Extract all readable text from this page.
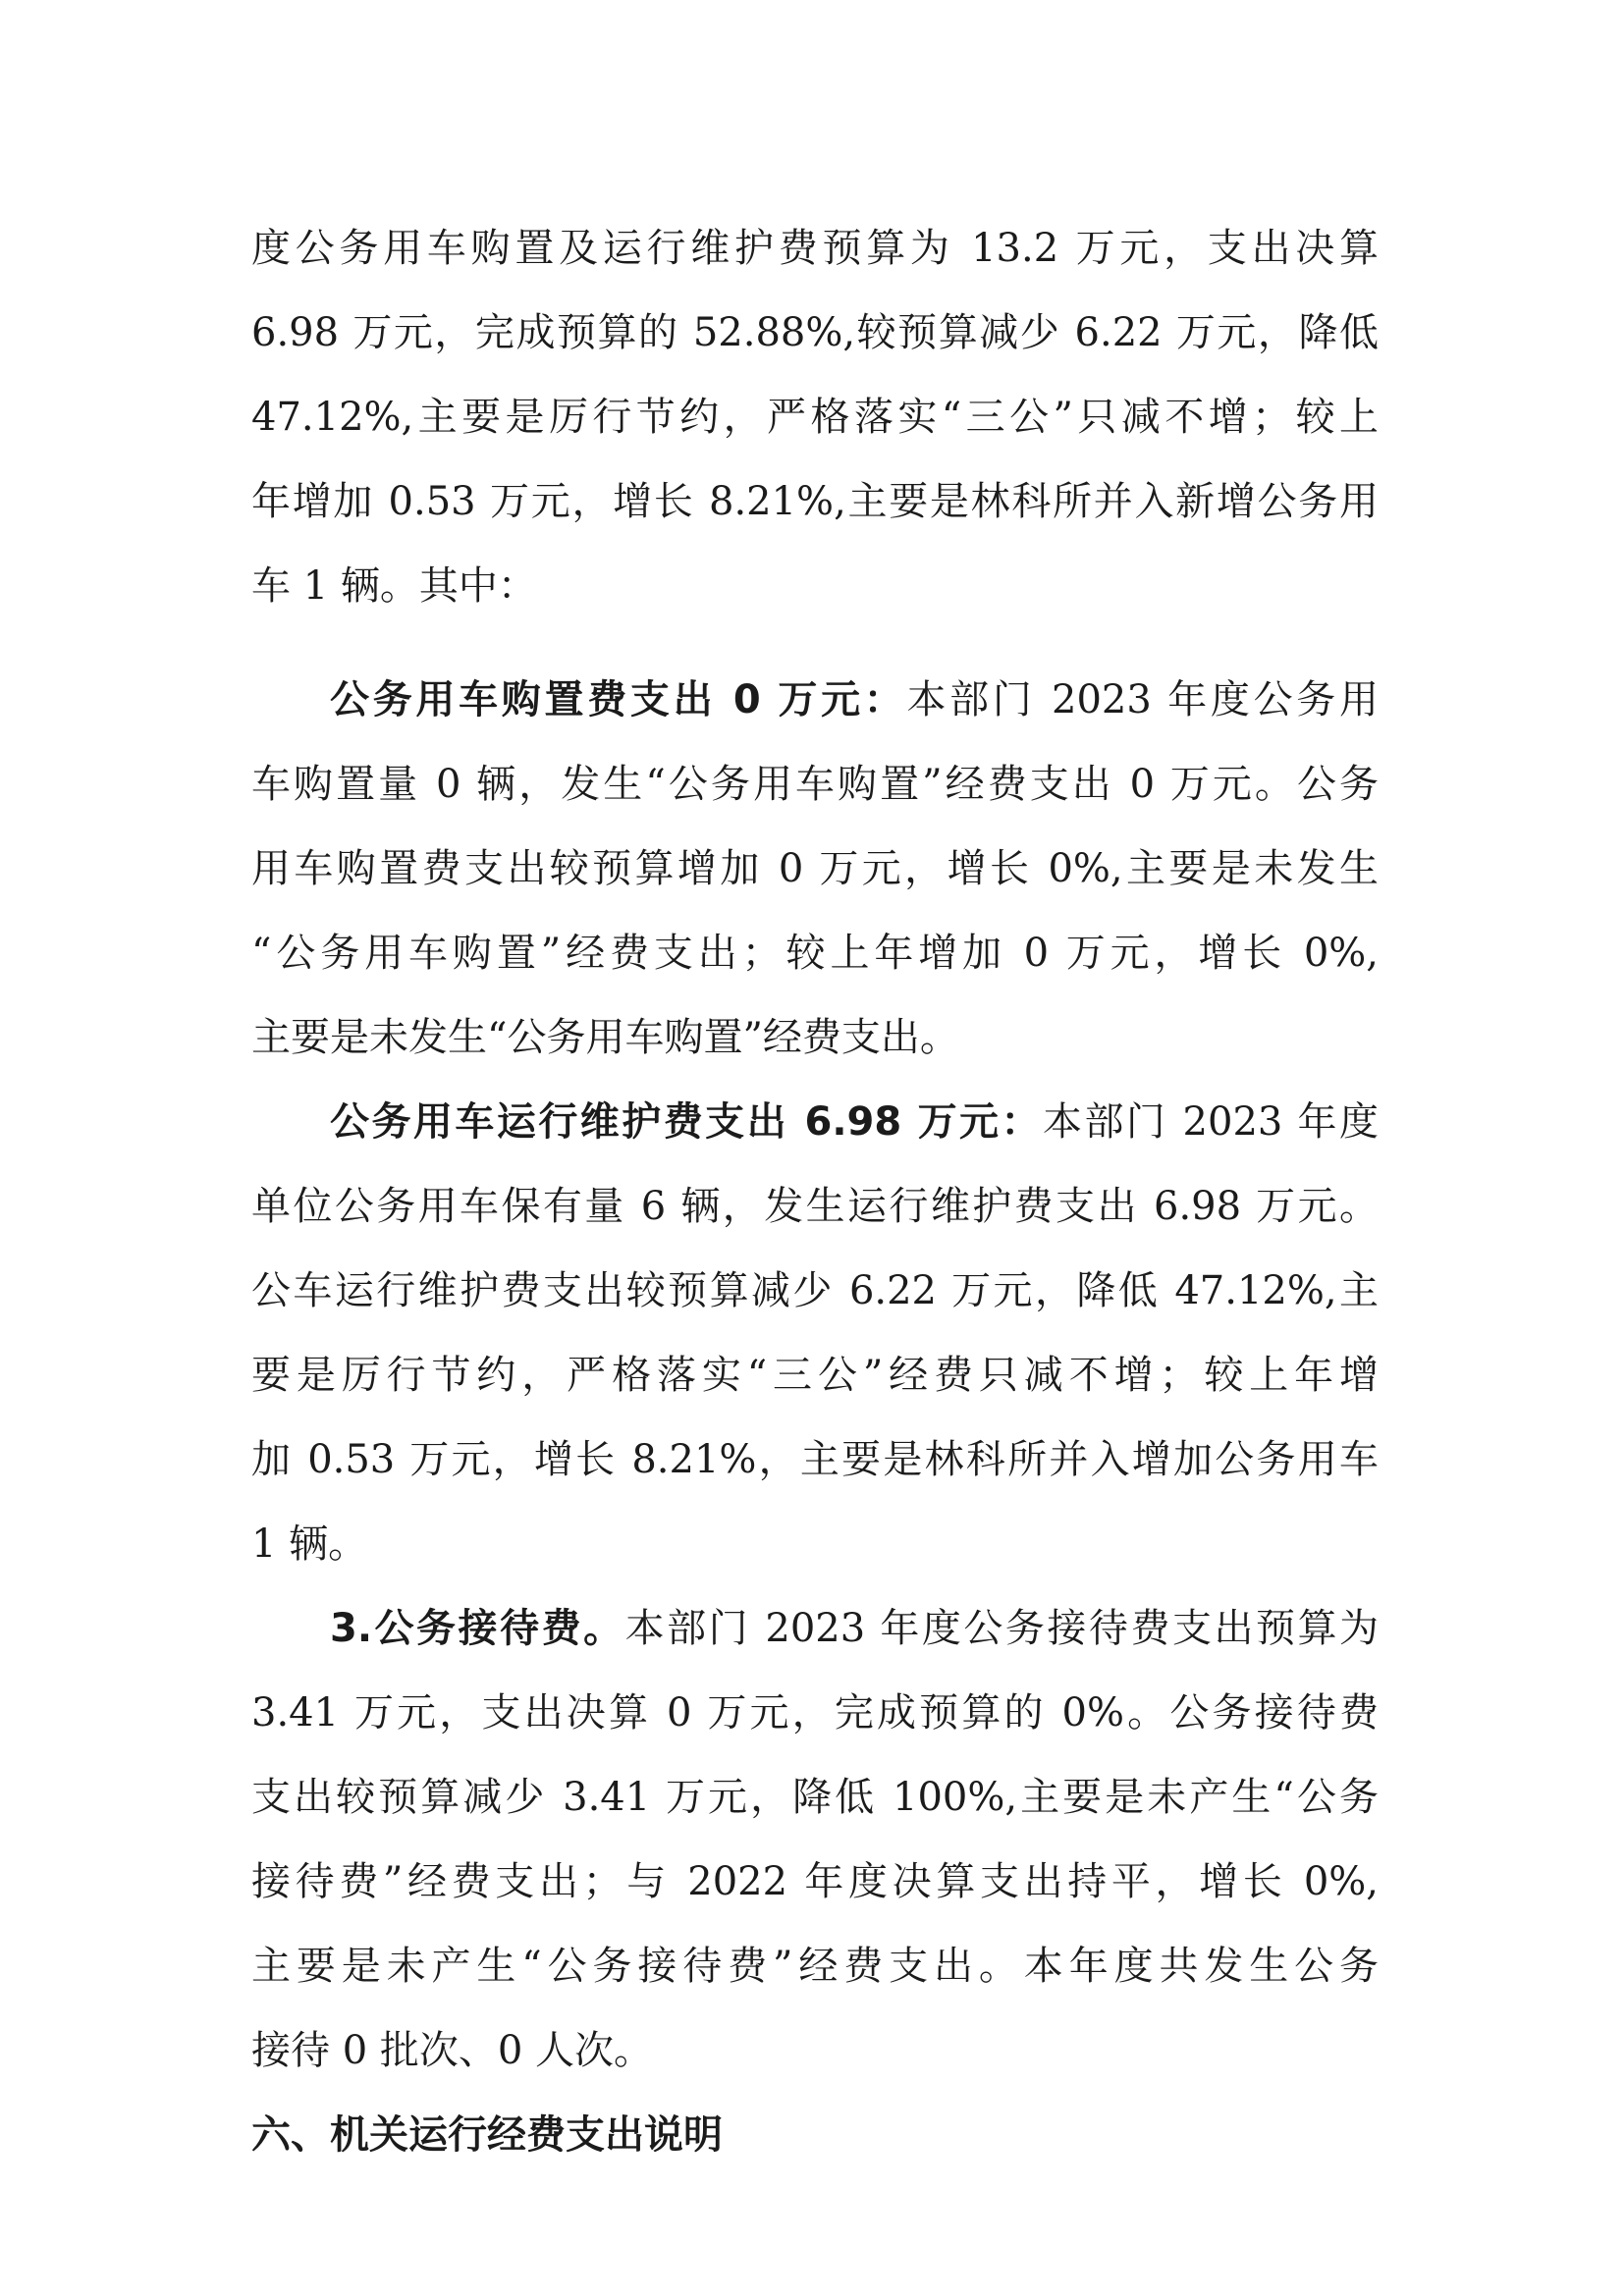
度公务用车购置及运行维护费预算为 13.2 万元，支出决算
6.98 万元，完成预算的 52.88%,较预算减少 6.22 万元，降低
47.12%,主要是厉行节约，严格落实“三公”只减不增；较上
年增加 0.53 万元，增长 8.21%,主要是林科所并入新增公务用
车 1 辆。其中：
公务用车购置费支出 0 万元：本部门 2023 年度公务用
车购置量 0 辆，发生“公务用车购置”经费支出 0 万元。公务
用车购置费支出较预算增加 0 万元，增长 0%,主要是未发生
“公务用车购置”经费支出；较上年增加 0 万元，增长 0%,
主要是未发生“公务用车购置”经费支出。
公务用车运行维护费支出 6.98 万元：本部门 2023 年度
单位公务用车保有量 6 辆，发生运行维护费支出 6.98 万元。
公车运行维护费支出较预算减少 6.22 万元，降低 47.12%,主
要是厉行节约，严格落实“三公”经费只减不增；较上年增
加 0.53 万元，增长 8.21%，主要是林科所并入增加公务用车
1 辆。
3.公务接待费。本部门 2023 年度公务接待费支出预算为
3.41 万元，支出决算 0 万元，完成预算的 0%。公务接待费
支出较预算减少 3.41 万元，降低 100%,主要是未产生“公务
接待费”经费支出；与 2022 年度决算支出持平，增长 0%,
主要是未产生“公务接待费”经费支出。本年度共发生公务
接待 0 批次、0 人次。
六、机关运行经费支出说明
